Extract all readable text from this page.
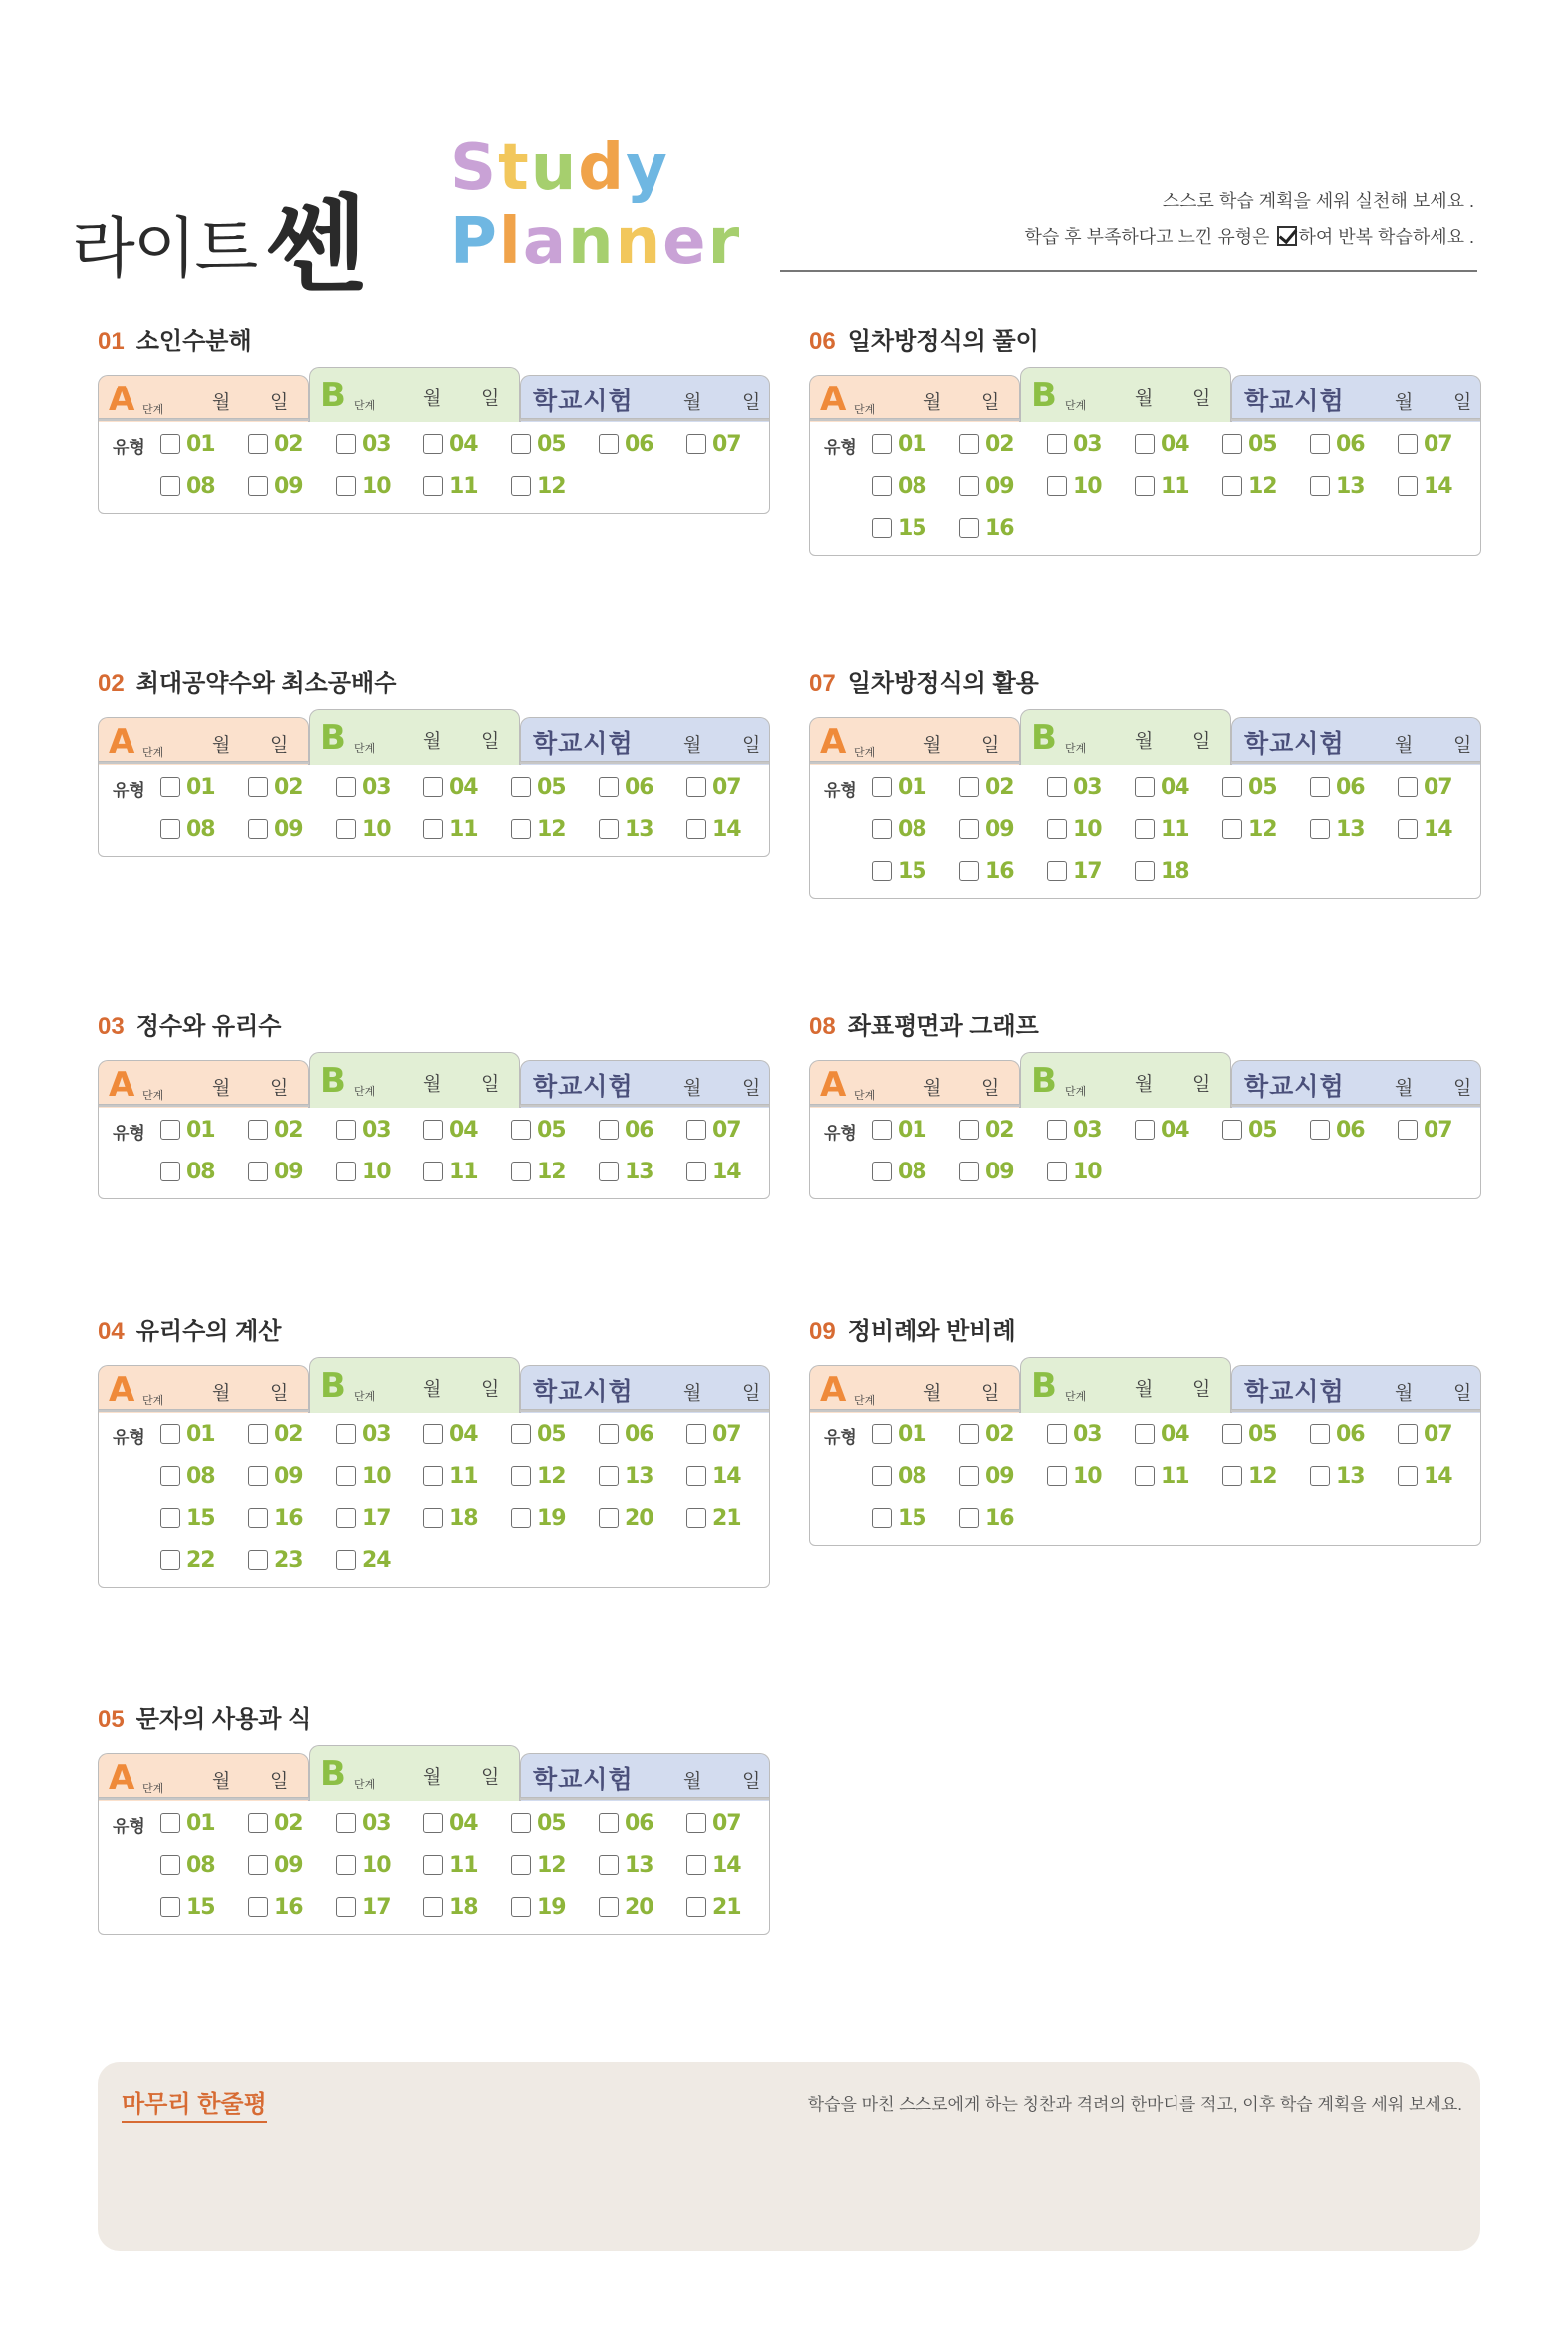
라이트쎈
Study
Planner
스스로 학습 계획을 세워 실천해 보세요 .
학습 후 부족하다고 느낀 유형은 하여 반복 학습하세요 .
01 소인수분해
A 단계	월 일 B 단계	월 일 학교시험	월 일
유형 01	02	03	04	05	06	07
08	09	10	11	12
02 최대공약수와 최소공배수
A 단계	월 일 B 단계	월 일 학교시험	월 일
유형 01	02	03	04	05	06	07
08	09	10	11	12	13	14
03 정수와 유리수
A 단계	월 일 B 단계	월 일 학교시험	월 일
유형 01	02	03	04	05	06	07
08	09	10	11	12	13	14
04 유리수의 계산
A 단계	월 일 B 단계	월 일 학교시험	월 일
유형 01	02	03	04	05	06	07
08	09	10	11	12	13	14
15	16	17	18	19	20	21
22	23	24
05 문자의 사용과 식
A 단계	월 일 B 단계	월 일 학교시험	월 일
유형 01	02	03	04	05	06	07
08	09	10	11	12	13	14
15	16	17	18	19	20	21
06 일차방정식의 풀이
A 단계	월 일 B 단계	월 일 학교시험	월 일
유형 01	02	03	04	05	06	07
08	09	10	11	12	13	14
15	16
07 일차방정식의 활용
A 단계	월 일 B 단계	월 일 학교시험	월 일
유형 01	02	03	04	05	06	07
08	09	10	11	12	13	14
15	16	17	18
08 좌표평면과 그래프
A 단계	월 일 B 단계	월 일 학교시험	월 일
유형 01	02	03	04	05	06	07
08	09	10
09 정비례와 반비례
A 단계	월 일 B 단계	월 일 학교시험	월 일
유형 01	02	03	04	05	06	07
08	09	10	11	12	13	14
15	16
마무리 한줄평	학습을 마친 스스로에게 하는 칭찬과 격려의 한마디를 적고, 이후 학습 계획을 세워 보세요.
